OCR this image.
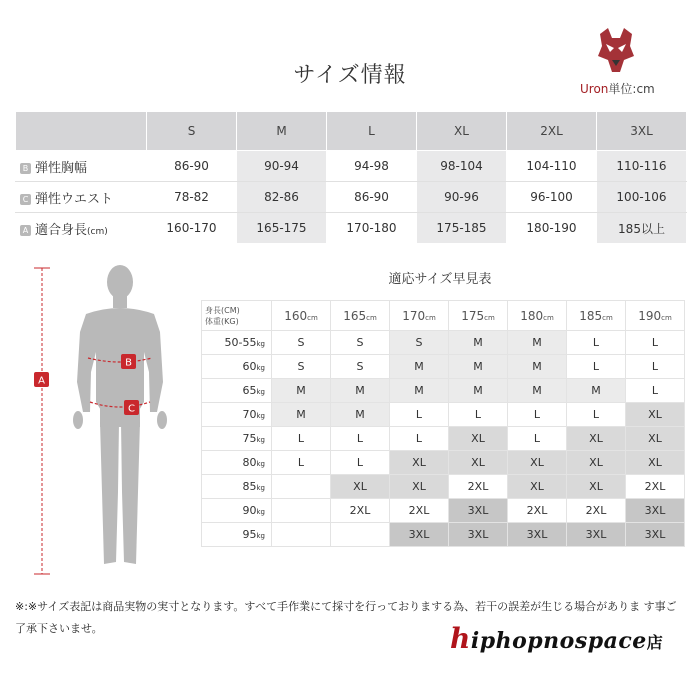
サイズ情報
Uron単位:cm
	S	M	L	XL	2XL	3XL
B 弾性胸幅	86-90	90-94	94-98	98-104	104-110	110-116
C 弾性ウエスト	78-82	82-86	86-90	90-96	96-100	100-106
A 適合身長(cm)	160-170	165-175	170-180	175-185	180-190	185以上
A
B
C
適応サイズ早見表
身長(CM)
体重(KG)	160cm	165cm	170cm	175cm	180cm	185cm	190cm
50-55kg	S	S	S	M	M	L	L
60kg	S	S	M	M	M	L	L
65kg	M	M	M	M	M	M	L
70kg	M	M	L	L	L	L	XL
75kg	L	L	L	XL	L	XL	XL
80kg	L	L	XL	XL	XL	XL	XL
85kg		XL	XL	2XL	XL	XL	2XL
90kg		2XL	2XL	3XL	2XL	2XL	3XL
95kg			3XL	3XL	3XL	3XL	3XL
※:※サイズ表記は商品実物の実寸となります。すべて手作業にて採寸を行っておりまする為、若干の誤差が生じる場合がありま す事ご了承下さいませ。	hiphopnospace店
